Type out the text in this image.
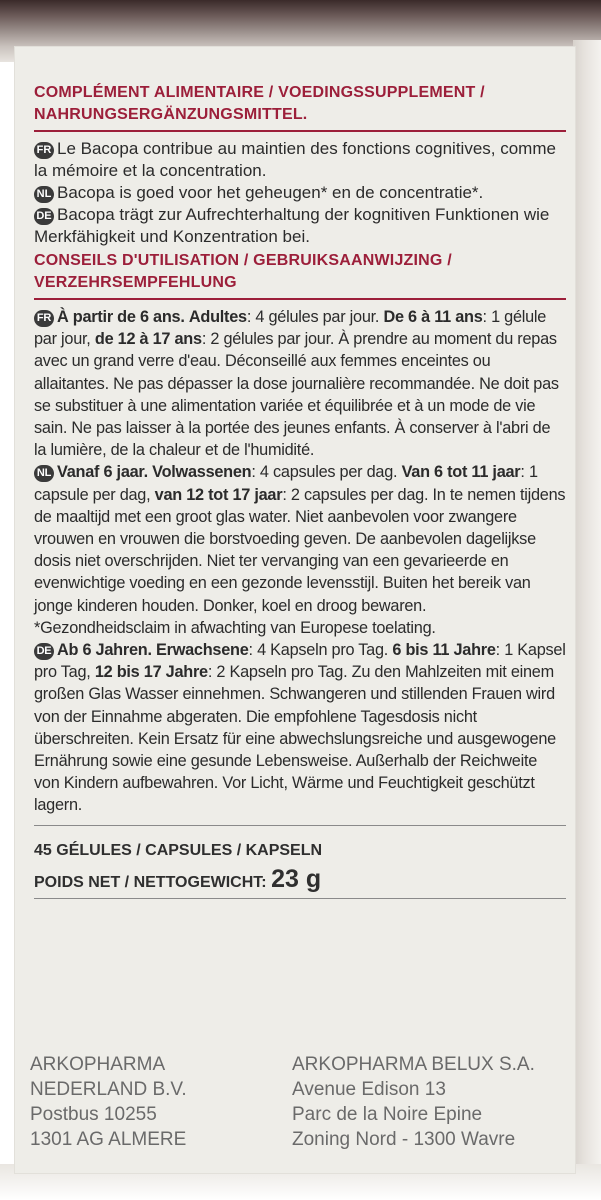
COMPLÉMENT ALIMENTAIRE / VOEDINGSSUPPLEMENT /
NAHRUNGSERGÄNZUNGSMITTEL.

FR Le Bacopa contribue au maintien des fonctions cognitives, comme la mémoire et la concentration.

NL Bacopa is goed voor het geheugen* en de concentratie*.

DE Bacopa trägt zur Aufrechterhaltung der kognitiven Funktionen wie Merkfähigkeit und Konzentration bei.

CONSEILS D'UTILISATION / GEBRUIKSAANWIJZING /
VERZEHRSEMPFEHLUNG

FR À partir de 6 ans. Adultes: 4 gélules par jour. De 6 à 11 ans: 1 gélule par jour, de 12 à 17 ans: 2 gélules par jour. À prendre au moment du repas avec un grand verre d'eau. Déconseillé aux femmes enceintes ou allaitantes. Ne pas dépasser la dose journalière recommandée. Ne doit pas se substituer à une alimentation variée et équilibrée et à un mode de vie sain. Ne pas laisser à la portée des jeunes enfants. À conserver à l'abri de la lumière, de la chaleur et de l'humidité.

NL Vanaf 6 jaar. Volwassenen: 4 capsules per dag. Van 6 tot 11 jaar: 1 capsule per dag, van 12 tot 17 jaar: 2 capsules per dag. In te nemen tijdens de maaltijd met een groot glas water. Niet aanbevolen voor zwangere vrouwen en vrouwen die borstvoeding geven. De aanbevolen dagelijkse dosis niet overschrijden. Niet ter vervanging van een gevarieerde en evenwichtige voeding en een gezonde levensstijl. Buiten het bereik van jonge kinderen houden. Donker, koel en droog bewaren. *Gezondheidsclaim in afwachting van Europese toelating.

DE Ab 6 Jahren. Erwachsene: 4 Kapseln pro Tag. 6 bis 11 Jahre: 1 Kapsel pro Tag, 12 bis 17 Jahre: 2 Kapseln pro Tag. Zu den Mahlzeiten mit einem großen Glas Wasser einnehmen. Schwangeren und stillenden Frauen wird von der Einnahme abgeraten. Die empfohlene Tagesdosis nicht überschreiten. Kein Ersatz für eine abwechslungsreiche und ausgewogene Ernährung sowie eine gesunde Lebensweise. Außerhalb der Reichweite von Kindern aufbewahren. Vor Licht, Wärme und Feuchtigkeit geschützt lagern.

45 GÉLULES / CAPSULES / KAPSELN
POIDS NET / NETTOGEWICHT: 23 g
ARKOPHARMA
NEDERLAND B.V.
Postbus 10255
1301 AG ALMERE
ARKOPHARMA BELUX S.A.
Avenue Edison 13
Parc de la Noire Epine
Zoning Nord - 1300 Wavre
